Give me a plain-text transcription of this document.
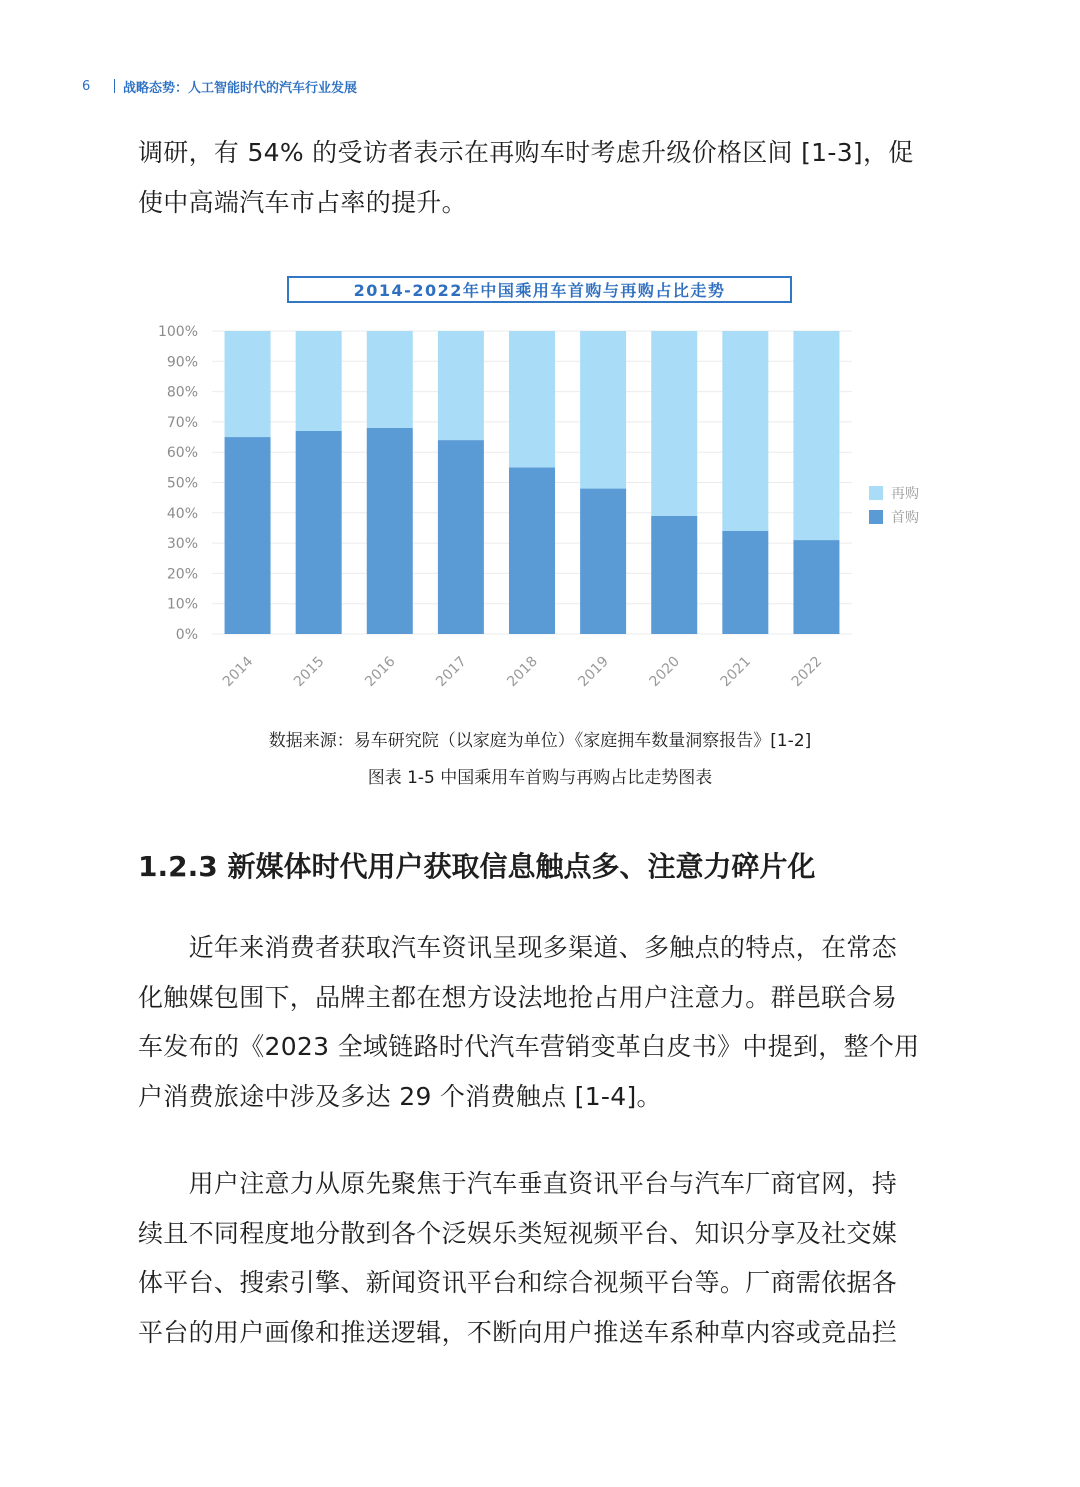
6	战略态势：人工智能时代的汽车行业发展
调研，有 54% 的受访者表示在再购车时考虑升级价格区间 [1-3]，促
使中高端汽车市占率的提升。
2014-2022年中国乘用车首购与再购占比走势
0%
10%
20%
30%
40%
50%
60%
70%
80%
90%
100%
2014 2015 2016 2017 2018 2019 2020 2021 2022
再购
首购
数据来源：易车研究院（以家庭为单位）《家庭拥车数量洞察报告》[1-2]
图表 1-5 中国乘用车首购与再购占比走势图表
1.2.3 新媒体时代用户获取信息触点多、注意力碎片化
　　近年来消费者获取汽车资讯呈现多渠道、多触点的特点，在常态
化触媒包围下，品牌主都在想方设法地抢占用户注意力。群邑联合易
车发布的《2023 全域链路时代汽车营销变革白皮书》中提到，整个用
户消费旅途中涉及多达 29 个消费触点 [1-4]。
　　用户注意力从原先聚焦于汽车垂直资讯平台与汽车厂商官网，持
续且不同程度地分散到各个泛娱乐类短视频平台、知识分享及社交媒
体平台、搜索引擎、新闻资讯平台和综合视频平台等。厂商需依据各
平台的用户画像和推送逻辑，不断向用户推送车系种草内容或竞品拦
